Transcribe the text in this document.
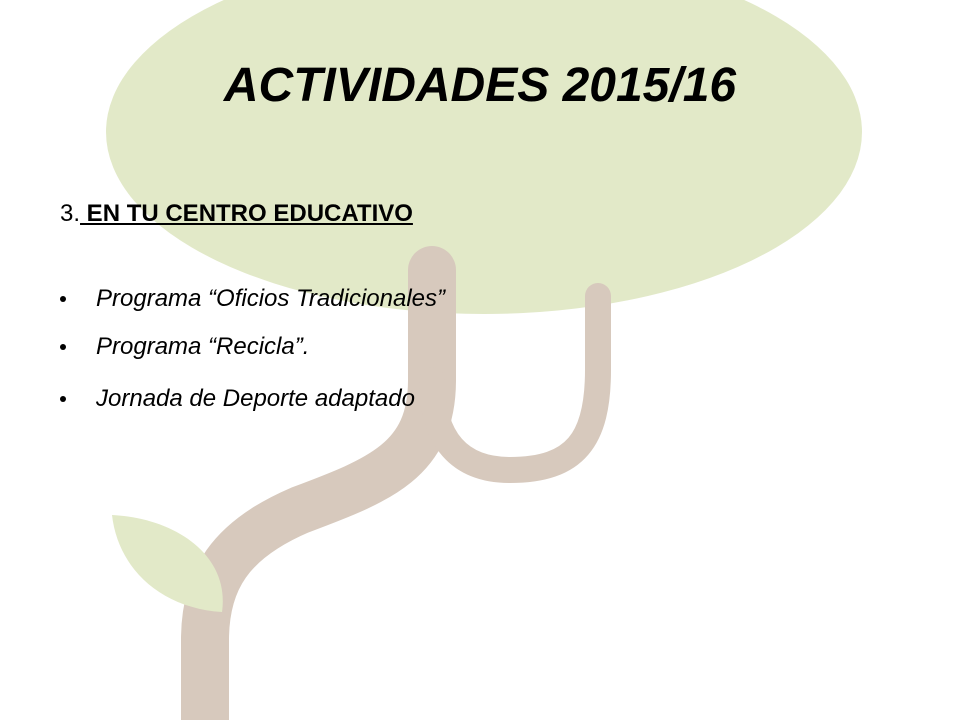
ACTIVIDADES 2015/16
3. EN TU CENTRO EDUCATIVO
Programa “Oficios Tradicionales”
Programa “Recicla”.
Jornada de Deporte adaptado
